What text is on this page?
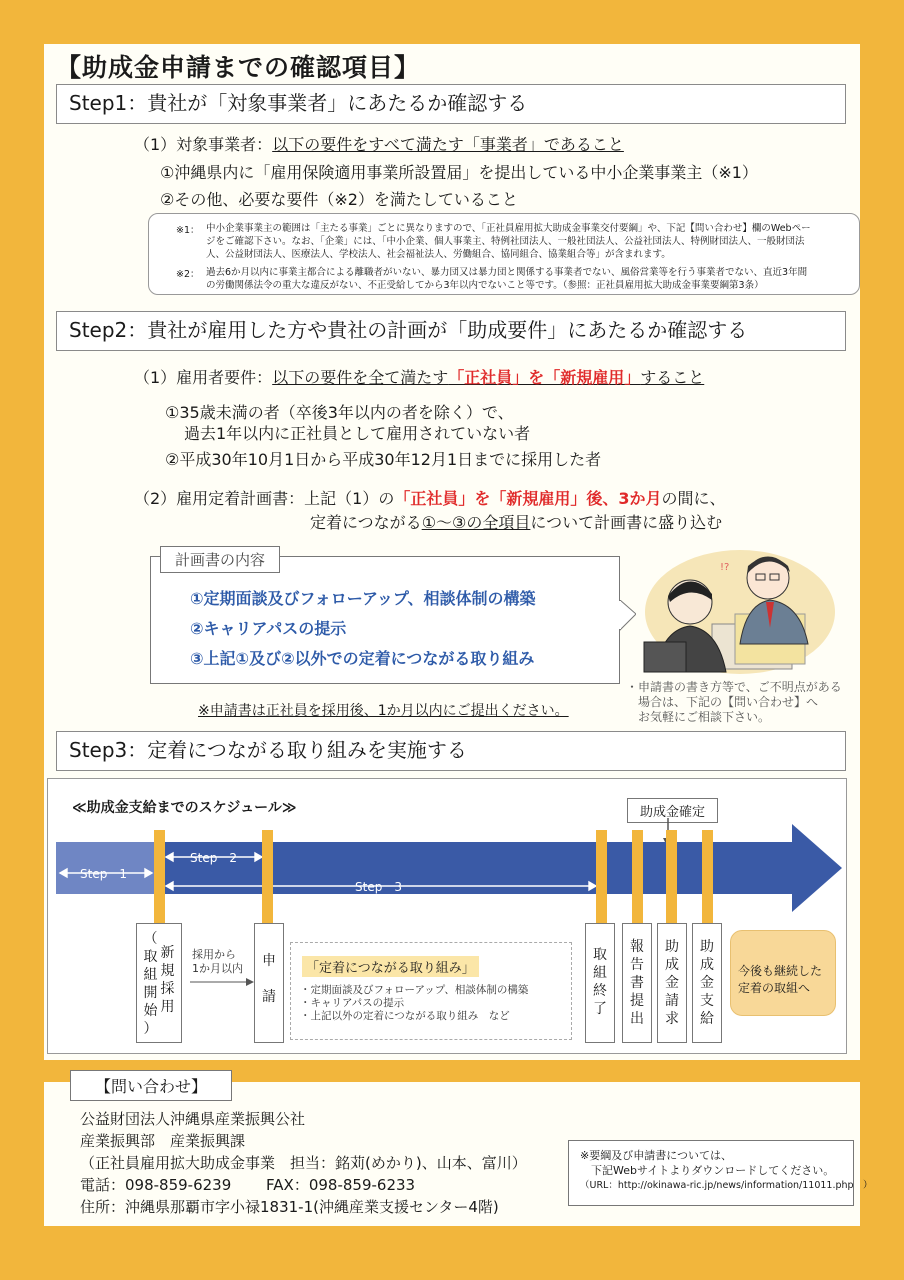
【助成金申請までの確認項目】
Step1：貴社が「対象事業者」にあたるか確認する
（1）対象事業者：以下の要件をすべて満たす「事業者」であること
①沖縄県内に「雇用保険適用事業所設置届」を提出している中小企業事業主（※1）
②その他、必要な要件（※2）を満たしていること
※1： 中小企業事業主の範囲は「主たる事業」ごとに異なりますので、「正社員雇用拡大助成金事業交付要綱」や、下記【問い合わせ】欄のWebペー
ジをご確認下さい。なお、「企業」には、「中小企業、個人事業主、特例社団法人、一般社団法人、公益社団法人、特例財団法人、一般財団法
人、公益財団法人、医療法人、学校法人、社会福祉法人、労働組合、協同組合、協業組合等」が含まれます。
※2： 過去6か月以内に事業主都合による離職者がいない、暴力団又は暴力団と関係する事業者でない、風俗営業等を行う事業者でない、直近3年間
の労働関係法令の重大な違反がない、不正受給してから3年以内でないこと等です。（参照：正社員雇用拡大助成金事業要綱第3条）
Step2：貴社が雇用した方や貴社の計画が「助成要件」にあたるか確認する
（1）雇用者要件：以下の要件を全て満たす「正社員」を「新規雇用」すること
①35歳未満の者（卒後3年以内の者を除く）で、
過去1年以内に正社員として雇用されていない者
②平成30年10月1日から平成30年12月1日までに採用した者
（2）雇用定着計画書：上記（1）の「正社員」を「新規雇用」後、3か月の間に、
定着につながる①～③の全項目について計画書に盛り込む
計画書の内容
①定期面談及びフォローアップ、相談体制の構築
②キャリアパスの提示
③上記①及び②以外での定着につながる取り組み
!?
・申請書の書き方等で、ご不明点がある
　場合は、下記の【問い合わせ】へ
　お気軽にご相談下さい。
※申請書は正社員を採用後、1か月以内にご提出ください。
Step3：定着につながる取り組みを実施する
≪助成金支給までのスケジュール≫	助成金確定
Step　1
Step　2
Step　3
（
取
組
開
始
）
新
規
採
用
採用から
1か月以内	申
請
「定着につながる取り組み」
・定期面談及びフォローアップ、相談体制の構築
・キャリアパスの提示
・上記以外の定着につながる取り組み　など
取
組
終
了
報
告
書
提
出
助
成
金
請
求
助
成
金
支
給
今後も継続した
定着の取組へ
【問い合わせ】
公益財団法人沖縄県産業振興公社
産業振興部　産業振興課
（正社員雇用拡大助成金事業　担当：銘苅(めかり)、山本、富川）
電話：098-859-6239　　 FAX：098-859-6233
住所：沖縄県那覇市字小禄1831-1(沖縄産業支援センター4階)
※要綱及び申請書については、
　下記Webサイトよりダウンロードしてください。
（URL：http://okinawa-ric.jp/news/information/11011.php　）
